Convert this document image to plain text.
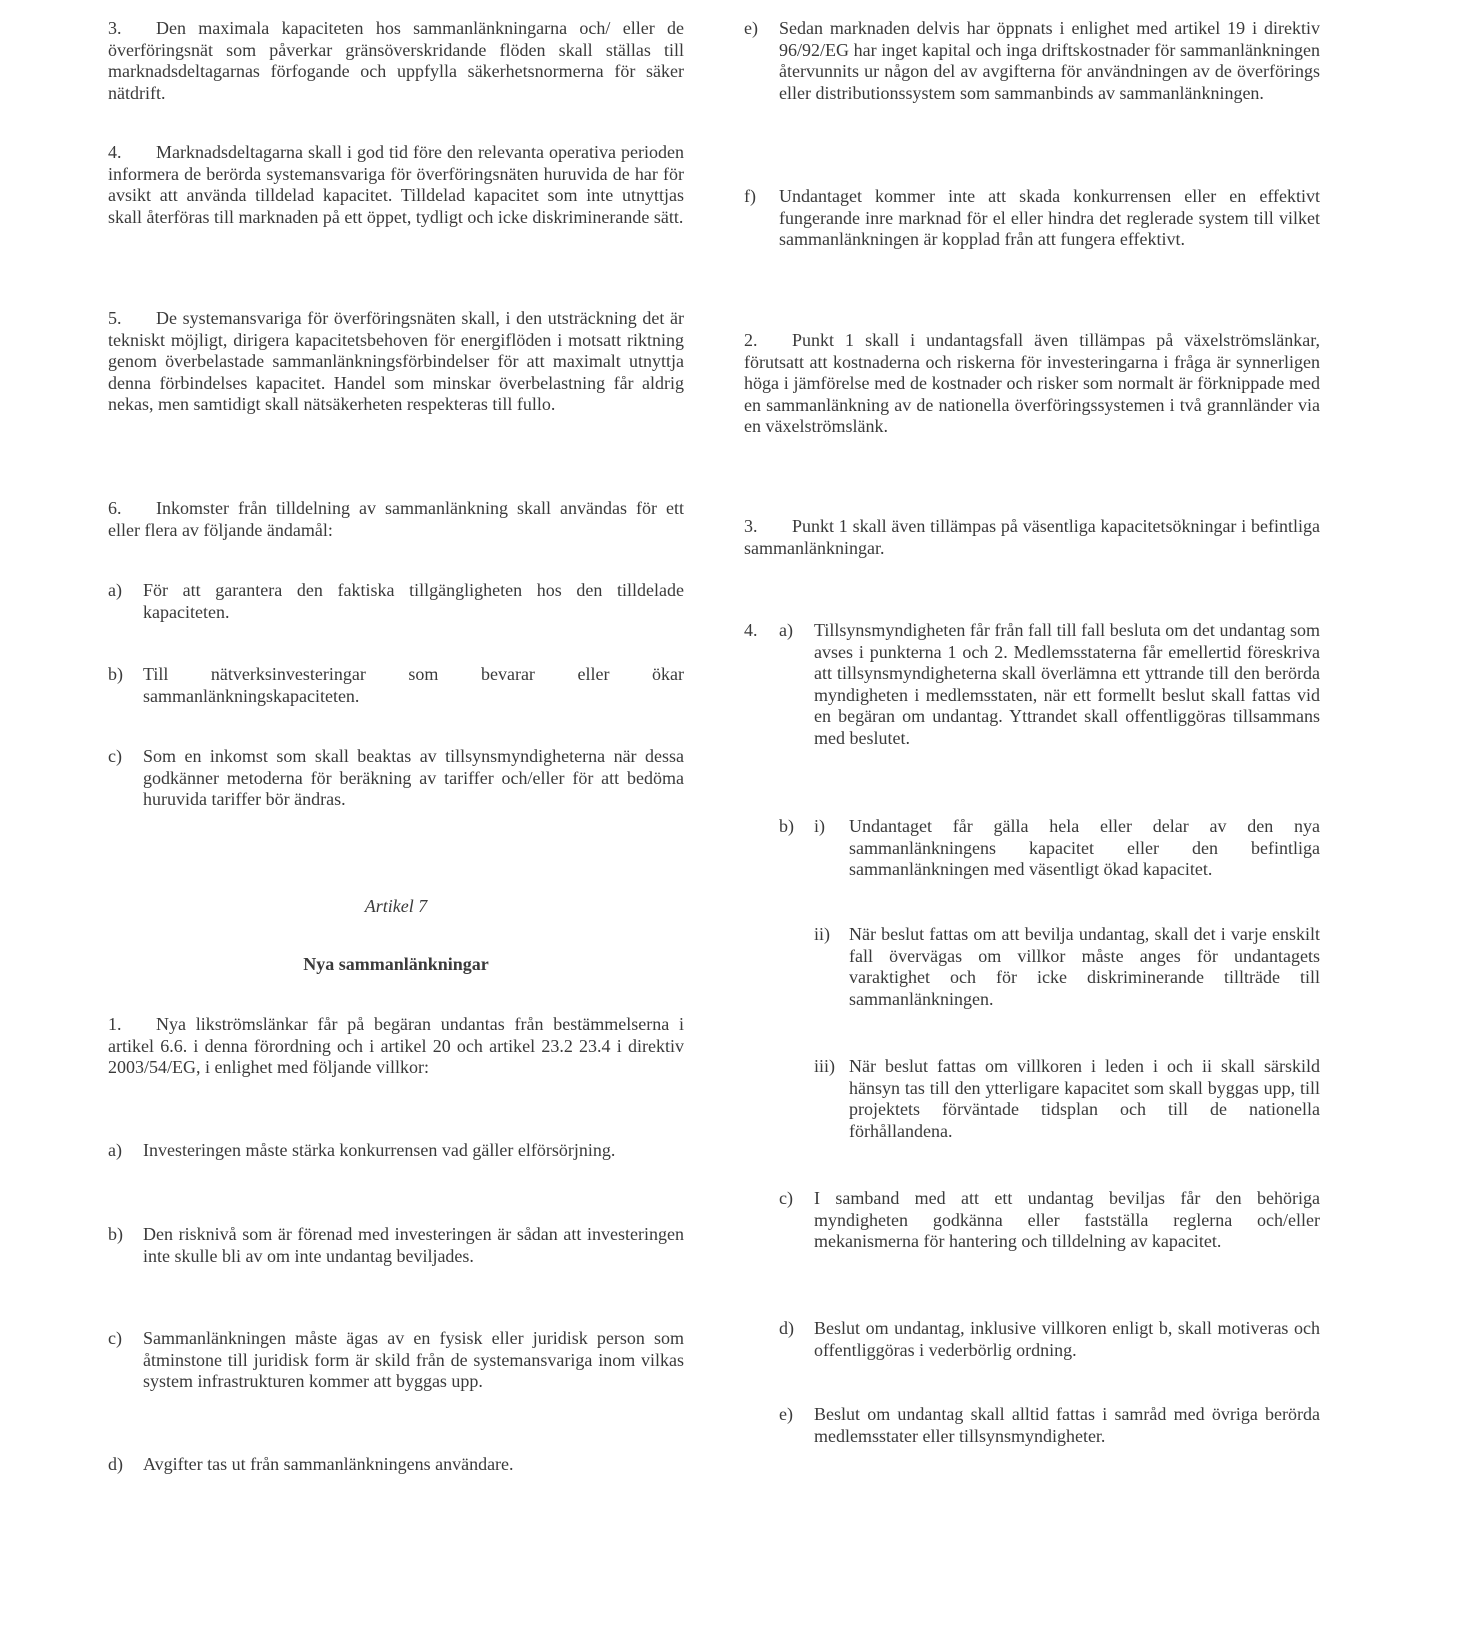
3. Den maximala kapaciteten hos sammanlänkningarna och/ eller de överföringsnät som påverkar gränsöverskridande flöden skall ställas till marknadsdeltagarnas förfogande och uppfylla säkerhetsnormerna för säker nätdrift.
4. Marknadsdeltagarna skall i god tid före den relevanta operativa perioden informera de berörda systemansvariga för överföringsnäten huruvida de har för avsikt att använda tilldelad kapacitet. Tilldelad kapacitet som inte utnyttjas skall återföras till marknaden på ett öppet, tydligt och icke diskriminerande sätt.
5. De systemansvariga för överföringsnäten skall, i den utsträckning det är tekniskt möjligt, dirigera kapacitetsbehoven för energiflöden i motsatt riktning genom överbelastade sammanlänkningsförbindelser för att maximalt utnyttja denna förbindelses kapacitet. Handel som minskar överbelastning får aldrig nekas, men samtidigt skall nätsäkerheten respekteras till fullo.
6. Inkomster från tilldelning av sammanlänkning skall användas för ett eller flera av följande ändamål:
a)	För att garantera den faktiska tillgängligheten hos den tilldelade kapaciteten.
b)	Till nätverksinvesteringar som bevarar eller ökar sammanlänkningskapaciteten.
c)	Som en inkomst som skall beaktas av tillsynsmyndigheterna när dessa godkänner metoderna för beräkning av tariffer och/eller för att bedöma huruvida tariffer bör ändras.
Artikel 7
Nya sammanlänkningar
1. Nya likströmslänkar får på begäran undantas från bestämmelserna i artikel 6.6. i denna förordning och i artikel 20 och artikel 23.2 23.4 i direktiv 2003/54/EG, i enlighet med följande villkor:
a)	Investeringen måste stärka konkurrensen vad gäller elförsörjning.
b)	Den risknivå som är förenad med investeringen är sådan att investeringen inte skulle bli av om inte undantag beviljades.
c)	Sammanlänkningen måste ägas av en fysisk eller juridisk person som åtminstone till juridisk form är skild från de systemansvariga inom vilkas system infrastrukturen kommer att byggas upp.
d)	Avgifter tas ut från sammanlänkningens användare.
e)	Sedan marknaden delvis har öppnats i enlighet med artikel 19 i direktiv 96/92/EG har inget kapital och inga driftskostnader för sammanlänkningen återvunnits ur någon del av avgifterna för användningen av de överförings eller distributionssystem som sammanbinds av sammanlänkningen.
f)	Undantaget kommer inte att skada konkurrensen eller en effektivt fungerande inre marknad för el eller hindra det reglerade system till vilket sammanlänkningen är kopplad från att fungera effektivt.
2. Punkt 1 skall i undantagsfall även tillämpas på växelströmslänkar, förutsatt att kostnaderna och riskerna för investeringarna i fråga är synnerligen höga i jämförelse med de kostnader och risker som normalt är förknippade med en sammanlänkning av de nationella överföringssystemen i två grannländer via en växelströmslänk.
3. Punkt 1 skall även tillämpas på väsentliga kapacitetsökningar i befintliga sammanlänkningar.
4.	a)	Tillsynsmyndigheten får från fall till fall besluta om det undantag som avses i punkterna 1 och 2. Medlemsstaterna får emellertid föreskriva att tillsynsmyndigheterna skall överlämna ett yttrande till den berörda myndigheten i medlemsstaten, när ett formellt beslut skall fattas vid en begäran om undantag. Yttrandet skall offentliggöras tillsammans med beslutet.
b)	i)	Undantaget får gälla hela eller delar av den nya sammanlänkningens kapacitet eller den befintliga sammanlänkningen med väsentligt ökad kapacitet.
ii)	När beslut fattas om att bevilja undantag, skall det i varje enskilt fall övervägas om villkor måste anges för undantagets varaktighet och för icke diskriminerande tillträde till sammanlänkningen.
iii) När beslut fattas om villkoren i leden i och ii skall särskild hänsyn tas till den ytterligare kapacitet som skall byggas upp, till projektets förväntade tidsplan och till de nationella förhållandena.
c)	I samband med att ett undantag beviljas får den behöriga myndigheten godkänna eller fastställa reglerna och/eller mekanismerna för hantering och tilldelning av kapacitet.
d)	Beslut om undantag, inklusive villkoren enligt b, skall motiveras och offentliggöras i vederbörlig ordning.
e)	Beslut om undantag skall alltid fattas i samråd med övriga berörda medlemsstater eller tillsynsmyndigheter.
